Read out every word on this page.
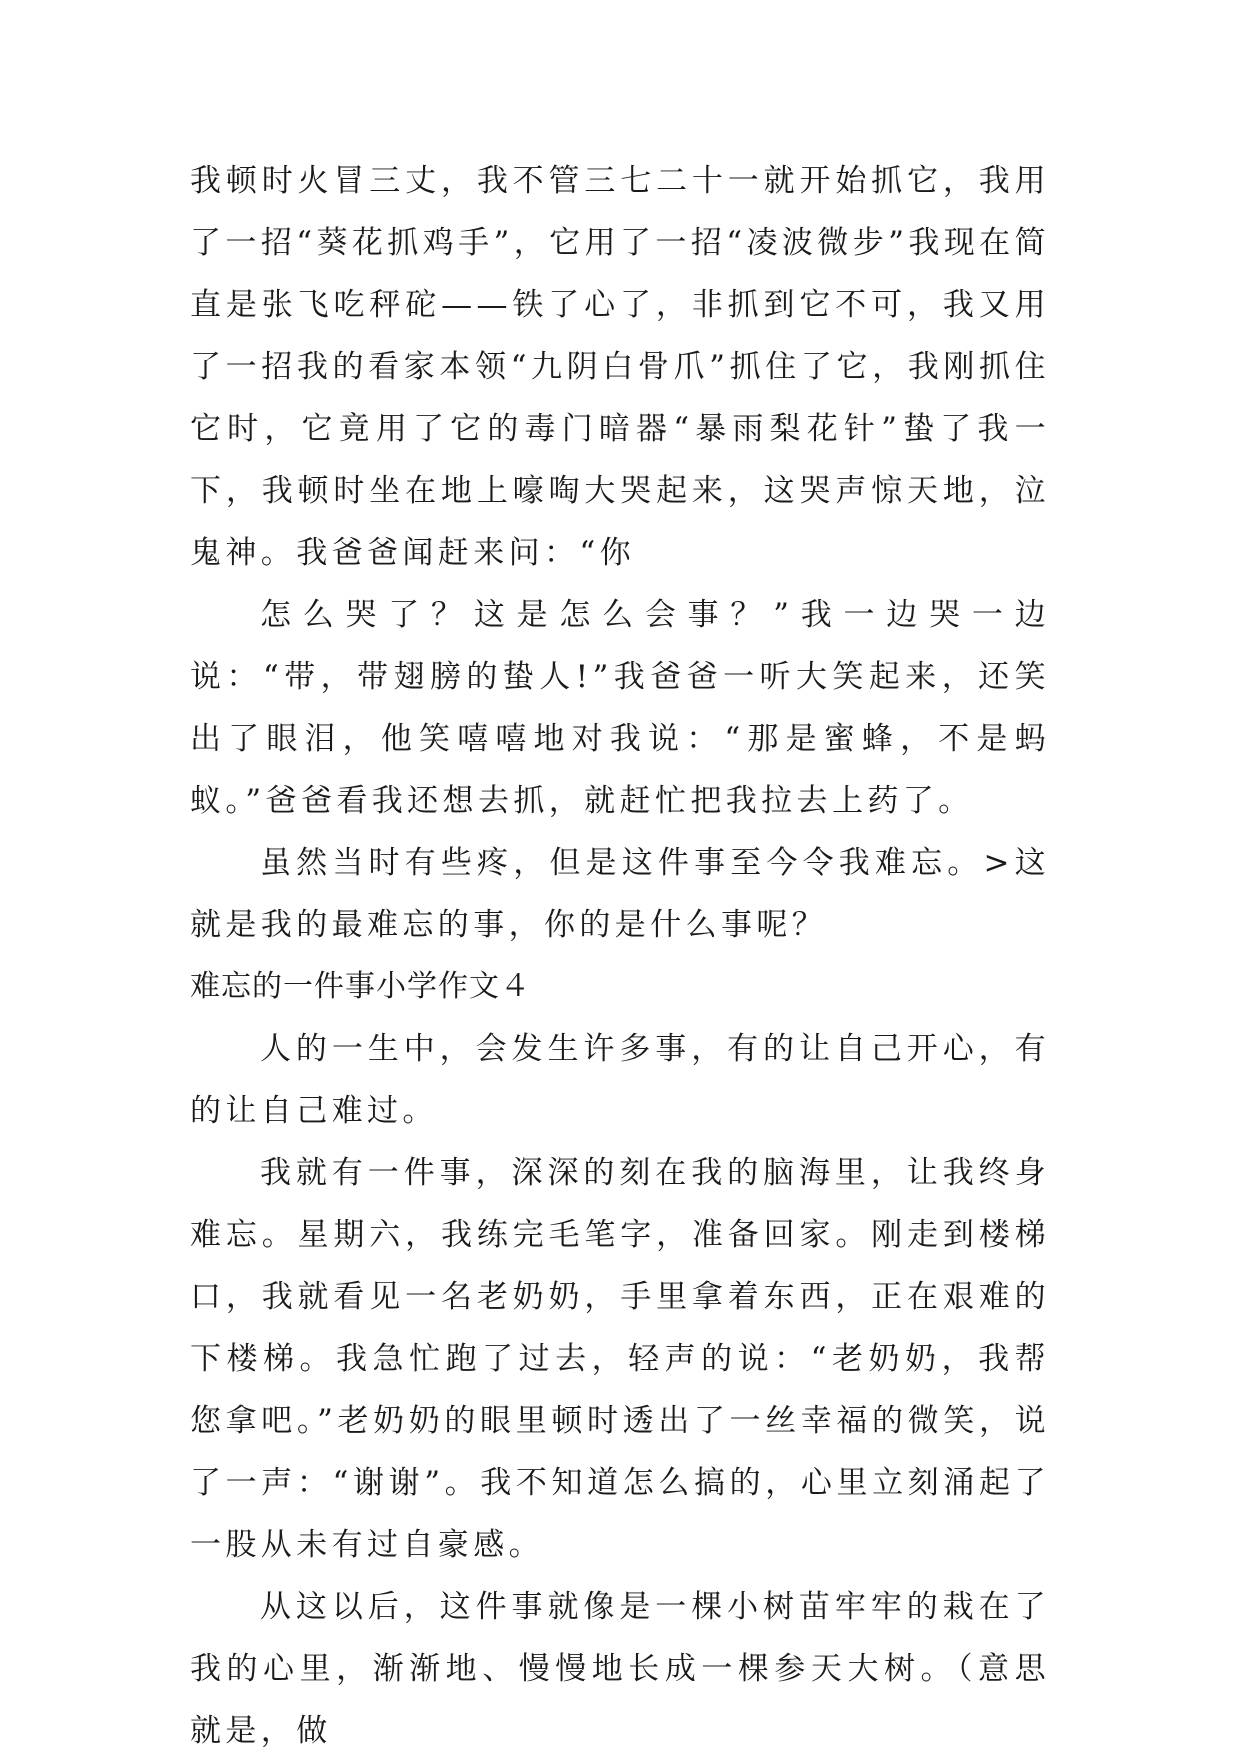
我顿时火冒三丈，我不管三七二十一就开始抓它，我用了一招“葵花抓鸡手”，它用了一招“凌波微步”我现在简直是张飞吃秤砣——铁了心了，非抓到它不可，我又用了一招我的看家本领“九阴白骨爪”抓住了它，我刚抓住它时，它竟用了它的毒门暗器“暴雨梨花针”蛰了我一下，我顿时坐在地上嚎啕大哭起来，这哭声惊天地，泣鬼神。我爸爸闻赶来问：“你

怎么哭了？这是怎么会事？”我一边哭一边说：“带，带翅膀的蛰人!”我爸爸一听大笑起来，还笑出了眼泪，他笑嘻嘻地对我说：“那是蜜蜂，不是蚂蚁。”爸爸看我还想去抓，就赶忙把我拉去上药了。

虽然当时有些疼，但是这件事至今令我难忘。>这就是我的最难忘的事，你的是什么事呢？

难忘的一件事小学作文４

人的一生中，会发生许多事，有的让自己开心，有的让自己难过。

我就有一件事，深深的刻在我的脑海里，让我终身难忘。星期六，我练完毛笔字，准备回家。刚走到楼梯口，我就看见一名老奶奶，手里拿着东西，正在艰难的下楼梯。我急忙跑了过去，轻声的说：“老奶奶，我帮您拿吧。”老奶奶的眼里顿时透出了一丝幸福的微笑，说了一声：“谢谢”。我不知道怎么搞的，心里立刻涌起了一股从未有过自豪感。

从这以后，这件事就像是一棵小树苗牢牢的栽在了我的心里，渐渐地、慢慢地长成一棵参天大树。（意思就是，做
